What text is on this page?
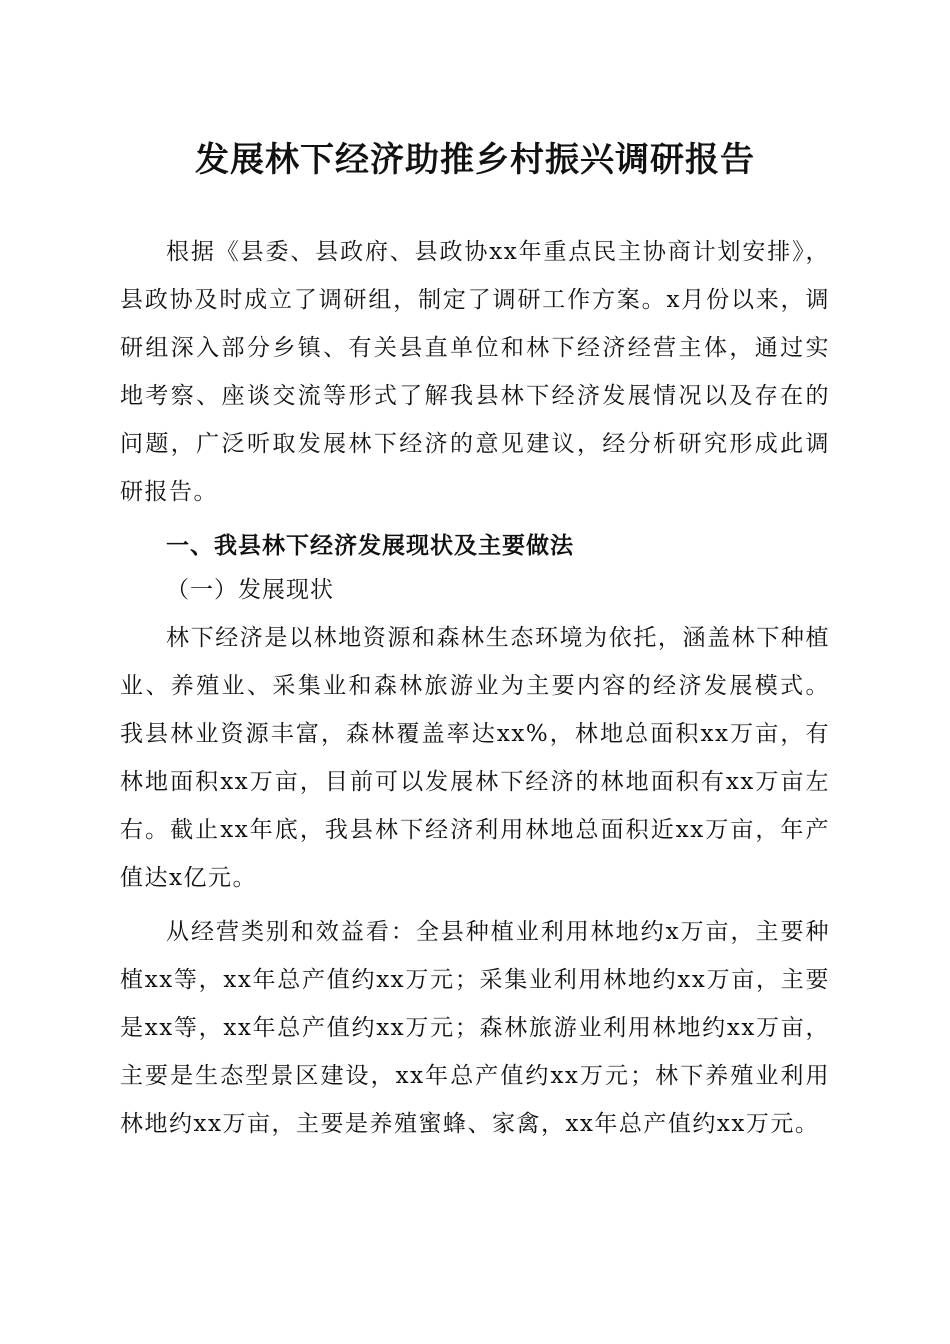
发展林下经济助推乡村振兴调研报告

根据《县委、县政府、县政协xx年重点民主协商计划安排》，县政协及时成立了调研组，制定了调研工作方案。x月份以来，调研组深入部分乡镇、有关县直单位和林下经济经营主体，通过实地考察、座谈交流等形式了解我县林下经济发展情况以及存在的问题，广泛听取发展林下经济的意见建议，经分析研究形成此调研报告。

一、我县林下经济发展现状及主要做法
（一）发展现状

林下经济是以林地资源和森林生态环境为依托，涵盖林下种植业、养殖业、采集业和森林旅游业为主要内容的经济发展模式。我县林业资源丰富，森林覆盖率达xx%，林地总面积xx万亩，有林地面积xx万亩，目前可以发展林下经济的林地面积有xx万亩左右。截止xx年底，我县林下经济利用林地总面积近xx万亩，年产值达x亿元。

从经营类别和效益看：全县种植业利用林地约x万亩，主要种植xx等，xx年总产值约xx万元；采集业利用林地约xx万亩，主要是xx等，xx年总产值约xx万元；森林旅游业利用林地约xx万亩，主要是生态型景区建设，xx年总产值约xx万元；林下养殖业利用林地约xx万亩，主要是养殖蜜蜂、家禽，xx年总产值约xx万元。
